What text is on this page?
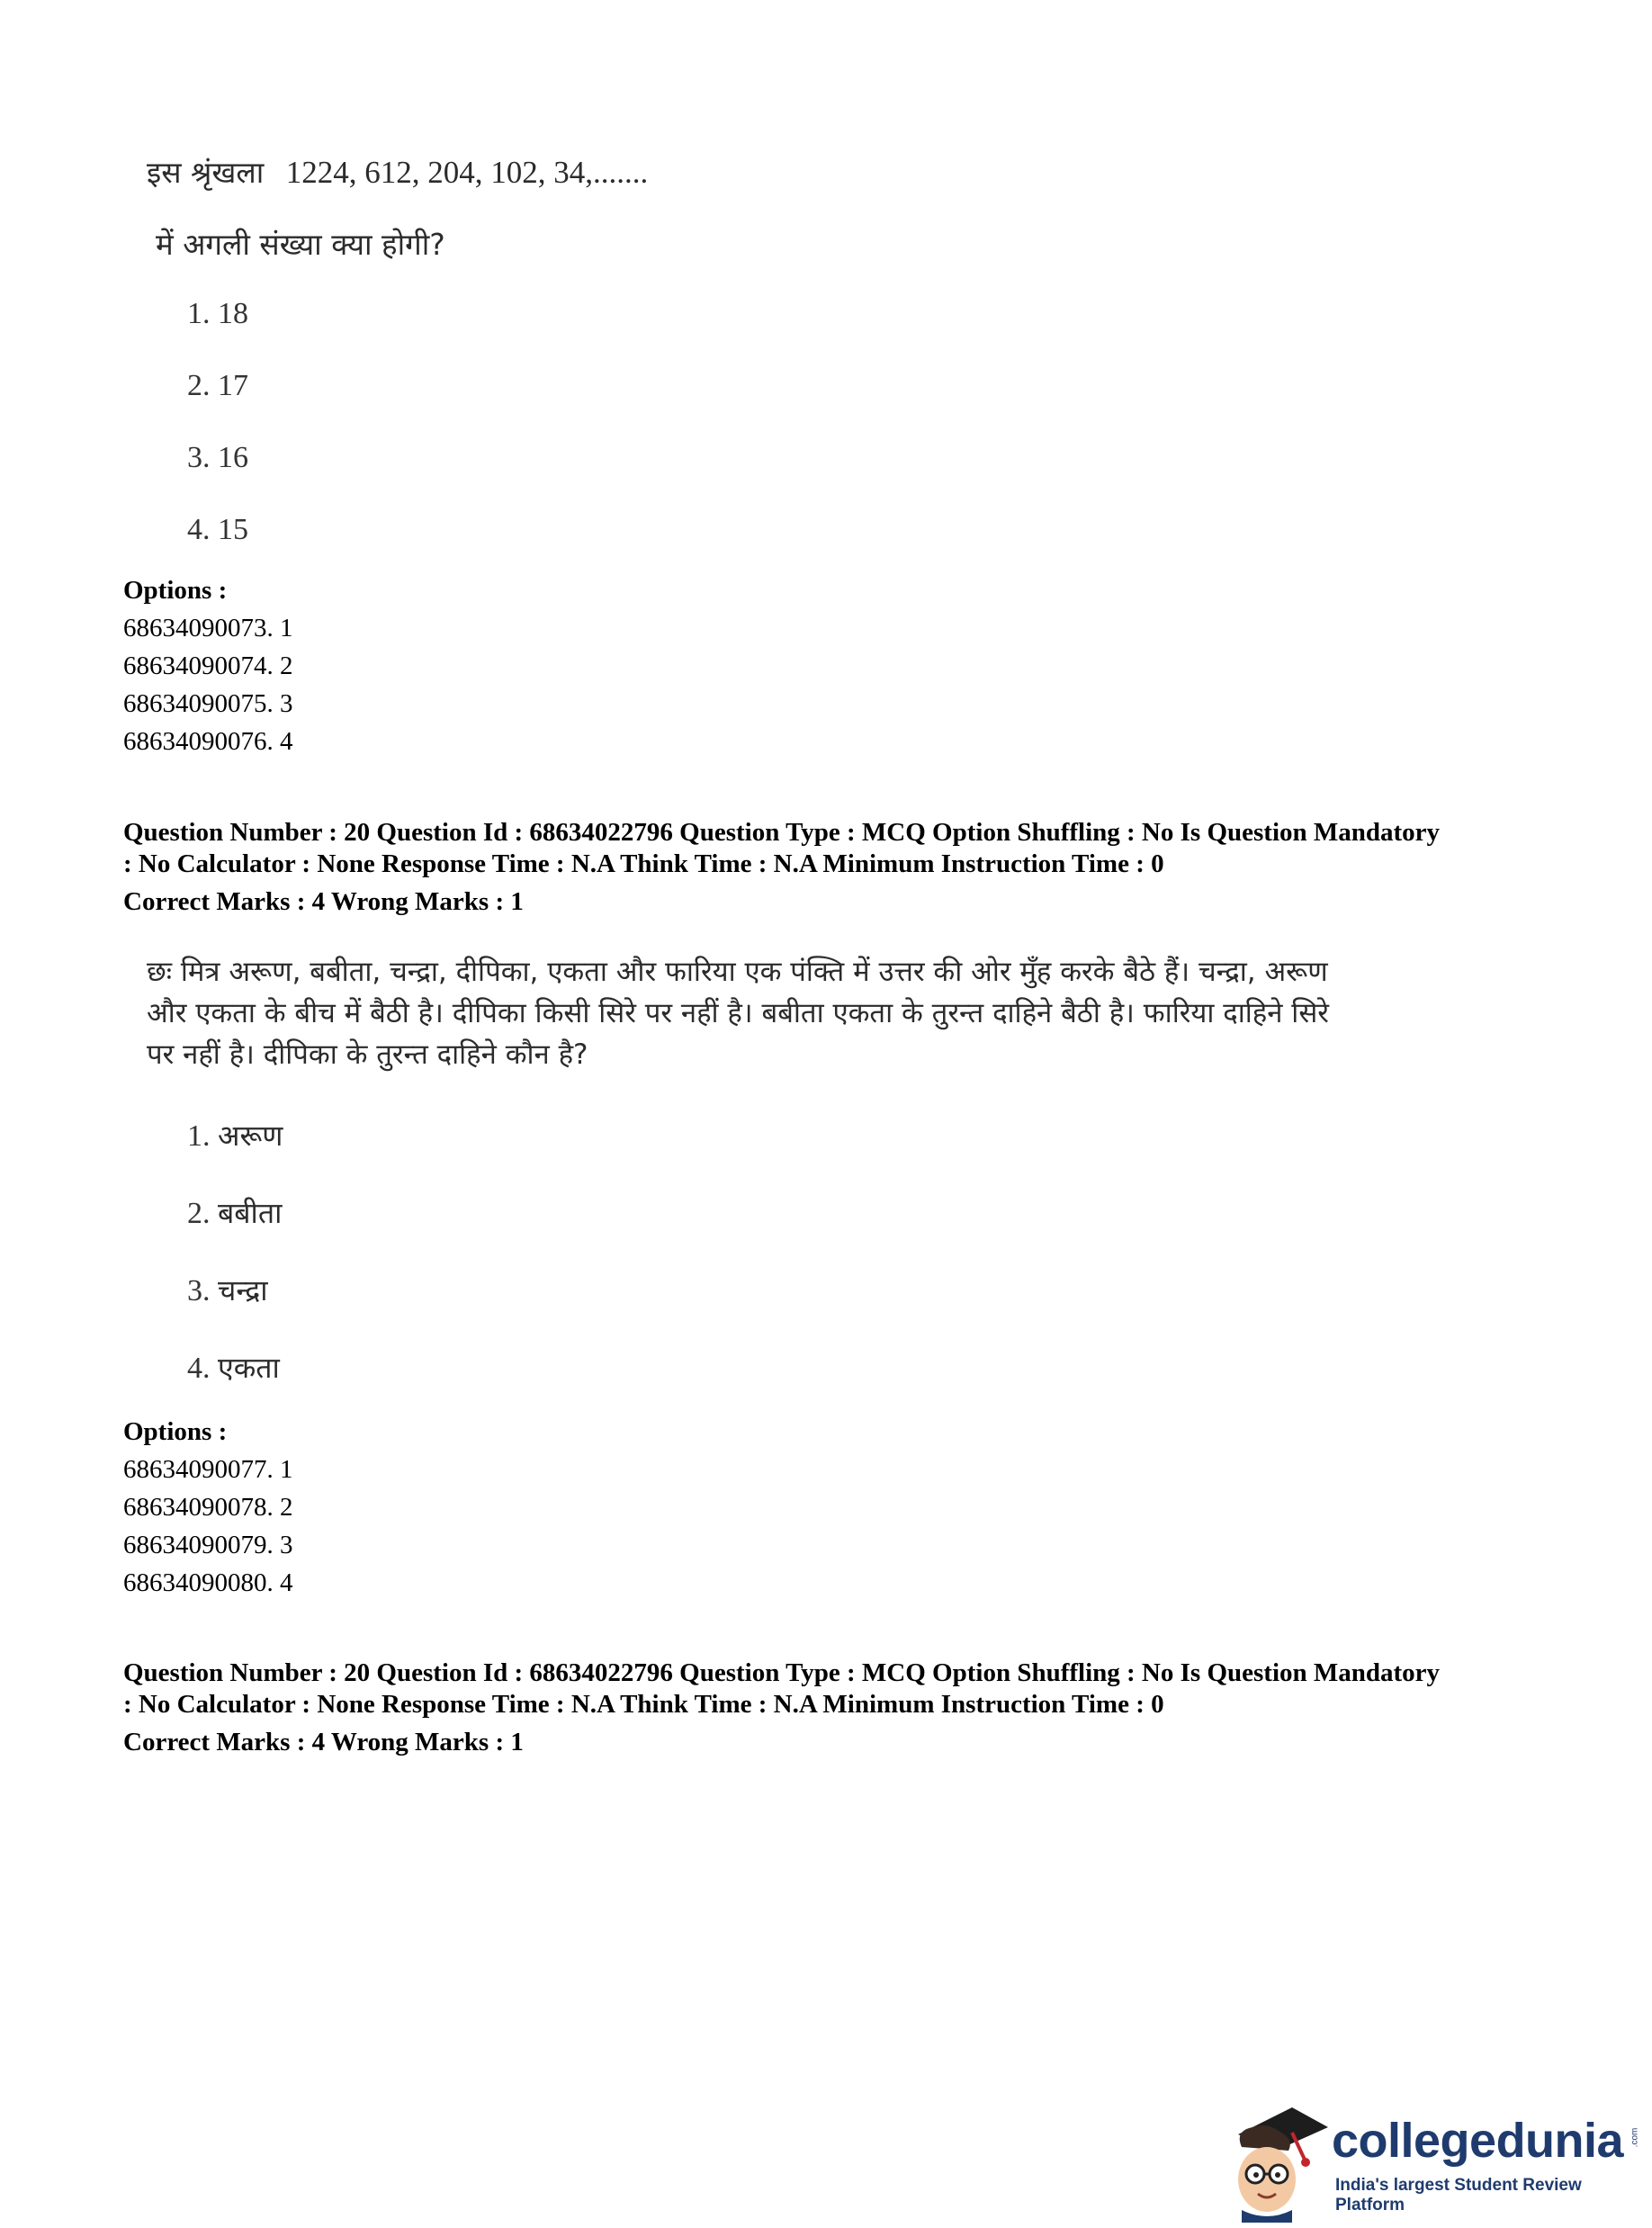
इस श्रृंखला 1224, 612, 204, 102, 34,.......
में अगली संख्या क्या होगी?
1. 18
2. 17
3. 16
4. 15
Options :
68634090073. 1
68634090074. 2
68634090075. 3
68634090076. 4
Question Number : 20 Question Id : 68634022796 Question Type : MCQ Option Shuffling : No Is Question Mandatory
: No Calculator : None Response Time : N.A Think Time : N.A Minimum Instruction Time : 0
Correct Marks : 4 Wrong Marks : 1
छः मित्र अरूण, बबीता, चन्द्रा, दीपिका, एकता और फारिया एक पंक्ति में उत्तर की ओर मुँह करके बैठे हैं। चन्द्रा, अरूण
और एकता के बीच में बैठी है। दीपिका किसी सिरे पर नहीं है। बबीता एकता के तुरन्त दाहिने बैठी है। फारिया दाहिने सिरे
पर नहीं है। दीपिका के तुरन्त दाहिने कौन है?
1. अरूण
2. बबीता
3. चन्द्रा
4. एकता
Options :
68634090077. 1
68634090078. 2
68634090079. 3
68634090080. 4
Question Number : 20 Question Id : 68634022796 Question Type : MCQ Option Shuffling : No Is Question Mandatory
: No Calculator : None Response Time : N.A Think Time : N.A Minimum Instruction Time : 0
Correct Marks : 4 Wrong Marks : 1
collegedunia .com
India's largest Student Review Platform
